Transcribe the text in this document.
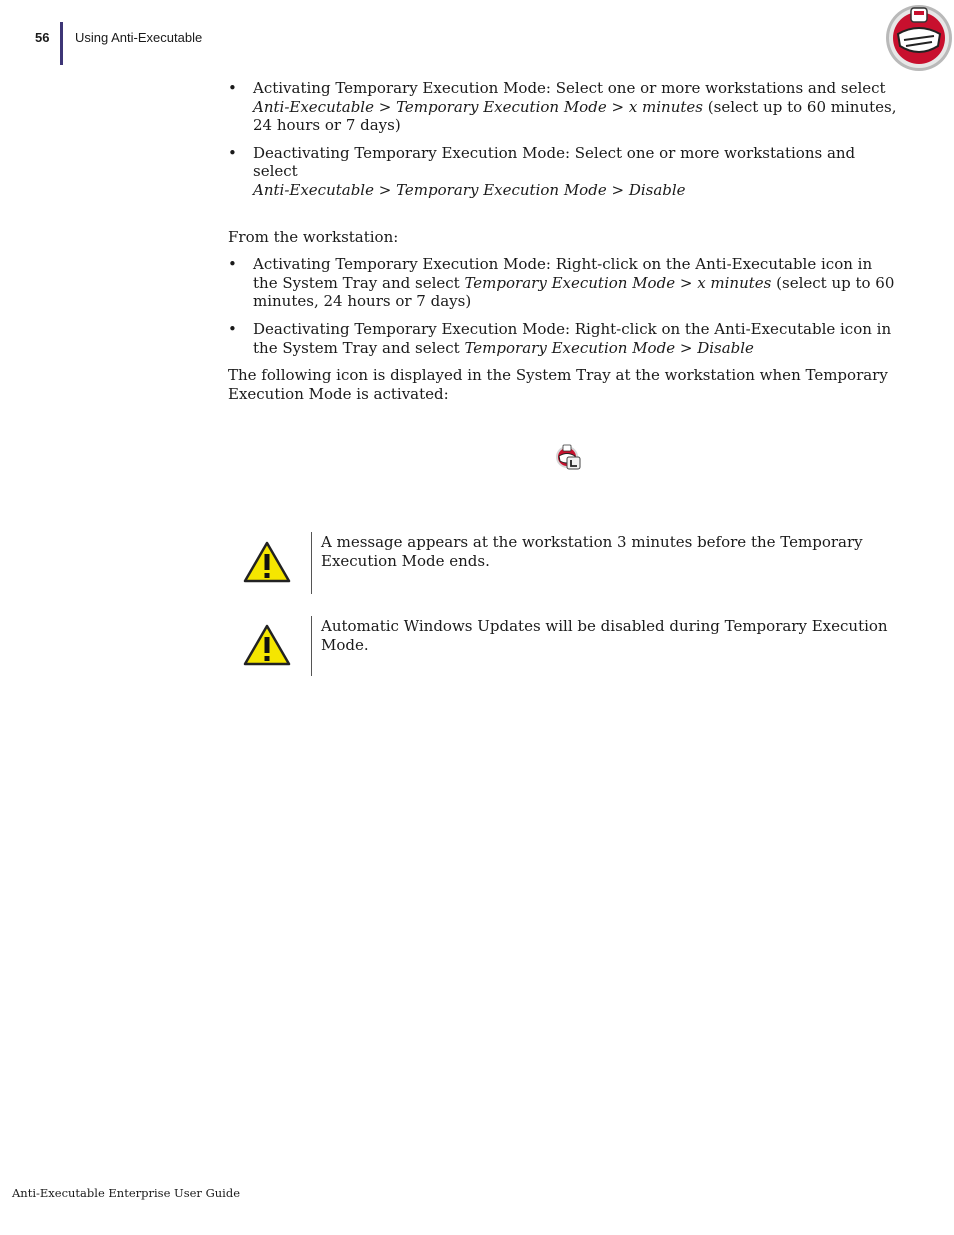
56 Using Anti-Executable
• Activating Temporary Execution Mode: Select one or more workstations and select
Anti-Executable > Temporary Execution Mode > x minutes (select up to 60 minutes, 24 hours or 7 days)
• Deactivating Temporary Execution Mode: Select one or more workstations and select
Anti-Executable > Temporary Execution Mode > Disable

From the workstation:

• Activating Temporary Execution Mode: Right-click on the Anti-Executable icon in the System Tray and select Temporary Execution Mode > x minutes (select up to 60 minutes, 24 hours or 7 days)
• Deactivating Temporary Execution Mode: Right-click on the Anti-Executable icon in the System Tray and select Temporary Execution Mode > Disable

The following icon is displayed in the System Tray at the workstation when Temporary Execution Mode is activated:

A message appears at the workstation 3 minutes before the Temporary Execution Mode ends.
Automatic Windows Updates will be disabled during Temporary Execution Mode.
Anti-Executable Enterprise User Guide
